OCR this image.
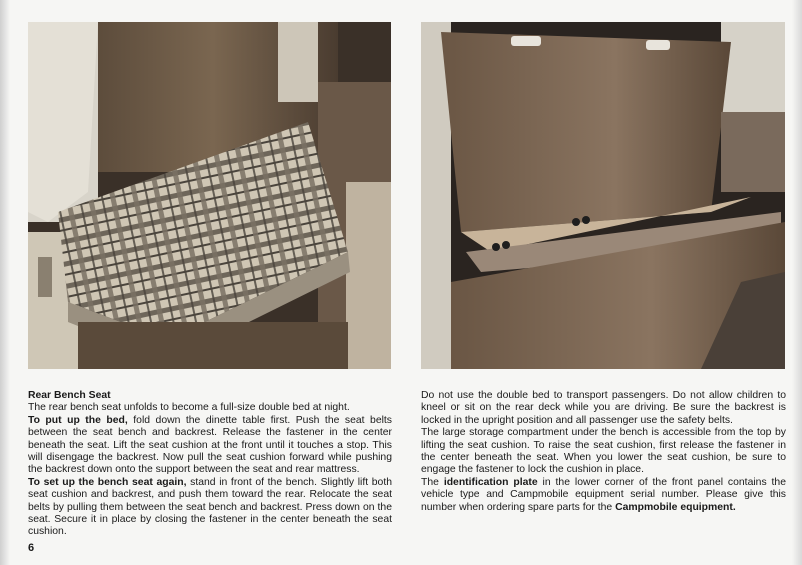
Rear Bench Seat

The rear bench seat unfolds to become a full-size double bed at night.

To put up the bed, fold down the dinette table first. Push the seat belts between the seat bench and backrest. Release the fastener in the center beneath the seat. Lift the seat cushion at the front until it touches a stop. This will disengage the backrest. Now pull the seat cushion forward while pushing the backrest down onto the support between the seat and rear mattress.

To set up the bench seat again, stand in front of the bench. Slightly lift both seat cushion and backrest, and push them toward the rear. Relocate the seat belts by pulling them between the seat bench and backrest. Press down on the seat. Secure it in place by closing the fastener in the center beneath the seat cushion.

Do not use the double bed to transport passengers. Do not allow children to kneel or sit on the rear deck while you are driving. Be sure the backrest is locked in the upright position and all passenger use the safety belts.

The large storage compartment under the bench is accessible from the top by lifting the seat cushion. To raise the seat cushion, first release the fastener in the center beneath the seat. When you lower the seat cushion, be sure to engage the fastener to lock the cushion in place.

The identification plate in the lower corner of the front panel contains the vehicle type and Campmobile equipment serial number. Please give this number when ordering spare parts for the Campmobile equipment.

6
